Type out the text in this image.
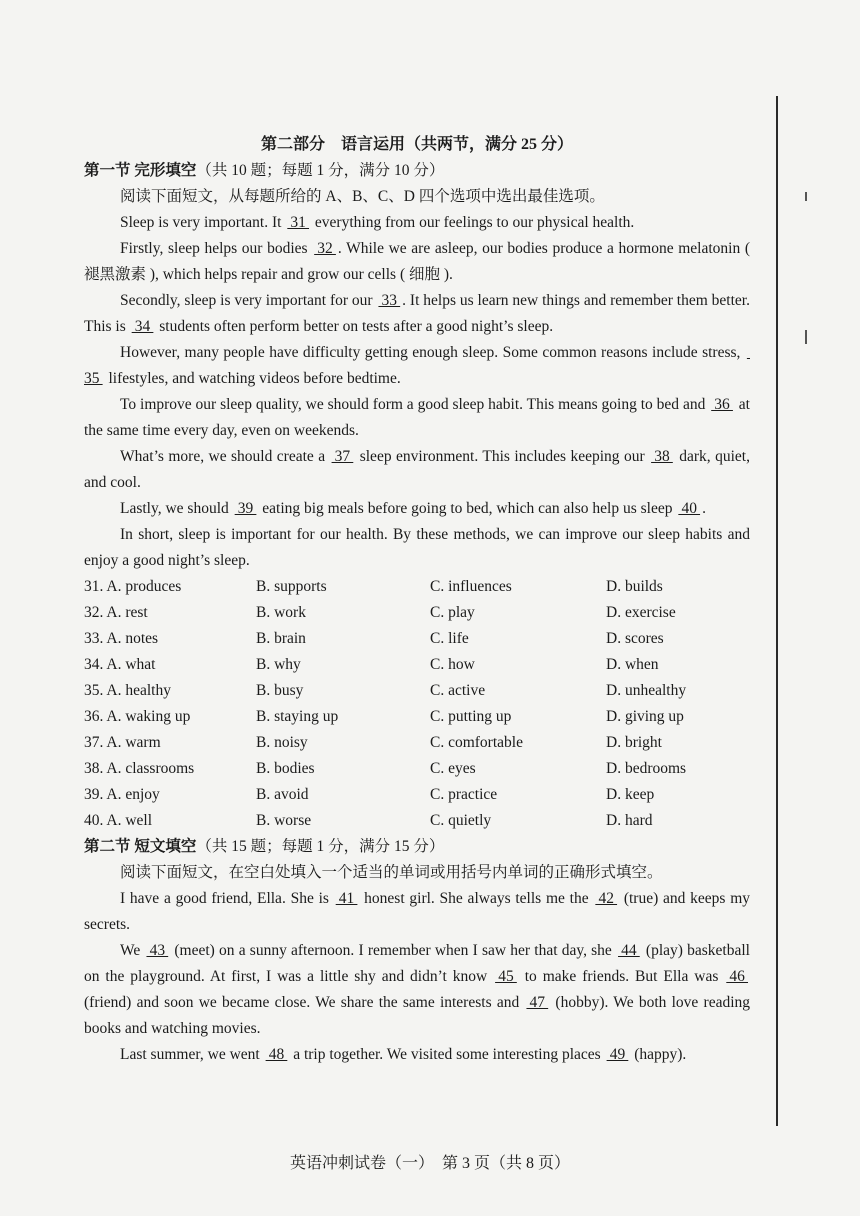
第二部分　语言运用（共两节，满分 25 分）
第一节 完形填空（共 10 题；每题 1 分，满分 10 分）

阅读下面短文，从每题所给的 A、B、C、D 四个选项中选出最佳选项。

Sleep is very important. It  31  everything from our feelings to our physical health.

Firstly, sleep helps our bodies  32 . While we are asleep, our bodies produce a hormone melatonin ( 褪黑激素 ), which helps repair and grow our cells ( 细胞 ).

Secondly, sleep is very important for our  33 . It helps us learn new things and remember them better. This is  34  students often perform better on tests after a good night’s sleep.

However, many people have difficulty getting enough sleep. Some common reasons include stress,  35  lifestyles, and watching videos before bedtime.

To improve our sleep quality, we should form a good sleep habit. This means going to bed and  36  at the same time every day, even on weekends.

What’s more, we should create a  37  sleep environment. This includes keeping our  38  dark, quiet, and cool.

Lastly, we should  39  eating big meals before going to bed, which can also help us sleep  40 .

In short, sleep is important for our health. By these methods, we can improve our sleep habits and enjoy a good night’s sleep.

31. A. produces	B. supports	C. influences	D. builds
32. A. rest	B. work	C. play	D. exercise
33. A. notes	B. brain	C. life	D. scores
34. A. what	B. why	C. how	D. when
35. A. healthy	B. busy	C. active	D. unhealthy
36. A. waking up	B. staying up	C. putting up	D. giving up
37. A. warm	B. noisy	C. comfortable	D. bright
38. A. classrooms	B. bodies	C. eyes	D. bedrooms
39. A. enjoy	B. avoid	C. practice	D. keep
40. A. well	B. worse	C. quietly	D. hard
第二节 短文填空（共 15 题；每题 1 分，满分 15 分）

阅读下面短文，在空白处填入一个适当的单词或用括号内单词的正确形式填空。

I have a good friend, Ella. She is  41  honest girl. She always tells me the  42  (true) and keeps my secrets.

We  43  (meet) on a sunny afternoon. I remember when I saw her that day, she  44  (play) basketball on the playground. At first, I was a little shy and didn’t know  45  to make friends. But Ella was  46  (friend) and soon we became close. We share the same interests and  47  (hobby). We both love reading books and watching movies.

Last summer, we went  48  a trip together. We visited some interesting places  49  (happy).

英语冲刺试卷（一）　第 3 页（共 8 页）
